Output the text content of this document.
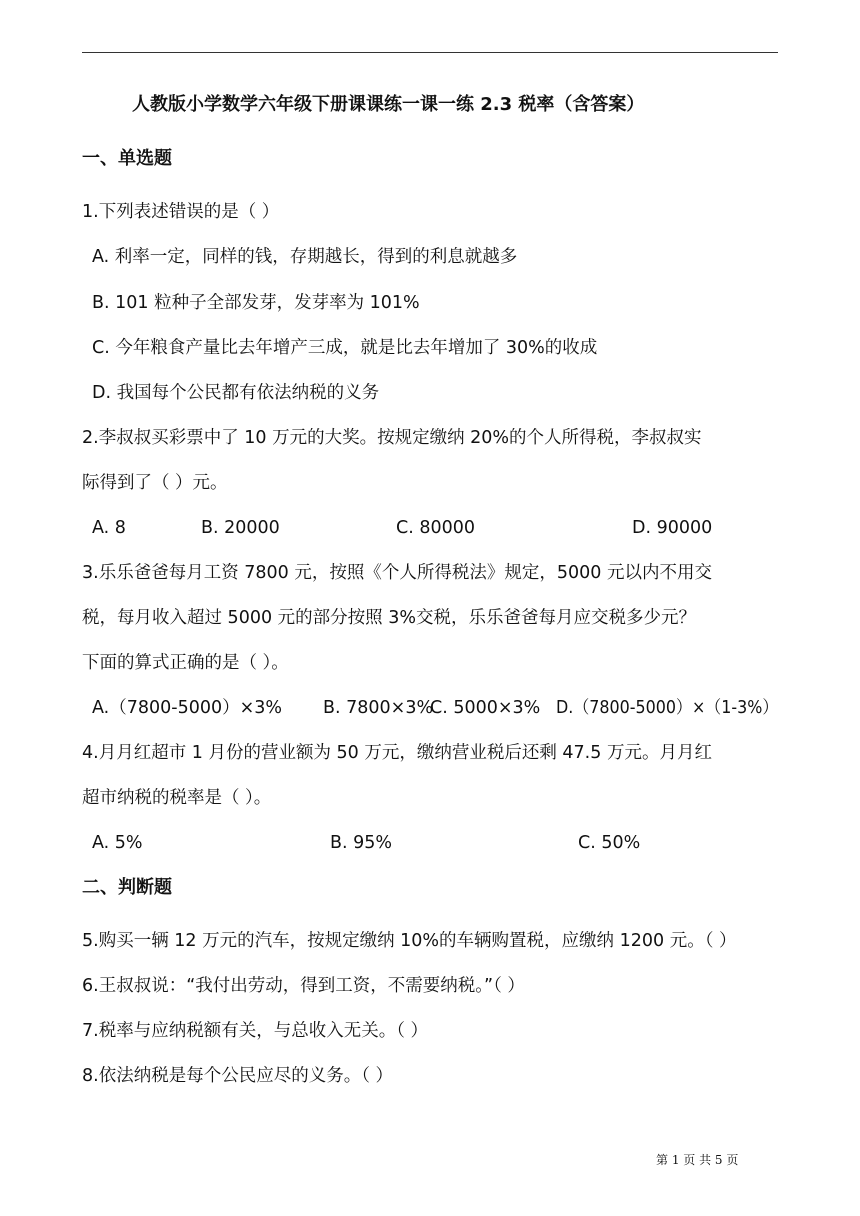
人教版小学数学六年级下册课课练一课一练 2.3 税率（含答案）
一、单选题
1.下列表述错误的是（ ）
A. 利率一定，同样的钱，存期越长，得到的利息就越多
B. 101 粒种子全部发芽，发芽率为 101%
C. 今年粮食产量比去年增产三成，就是比去年增加了 30%的收成
D. 我国每个公民都有依法纳税的义务
2.李叔叔买彩票中了 10 万元的大奖。按规定缴纳 20%的个人所得税，李叔叔实
际得到了（ ）元。
A. 8	B. 20000	C. 80000	D. 90000
3.乐乐爸爸每月工资 7800 元，按照《个人所得税法》规定，5000 元以内不用交
税，每月收入超过 5000 元的部分按照 3%交税，乐乐爸爸每月应交税多少元？
下面的算式正确的是（ ）。
A.（7800-5000）×3% B. 7800×3%
C. 5000×3% D.（7800-5000）×（1-3%）
4.月月红超市 1 月份的营业额为 50 万元，缴纳营业税后还剩 47.5 万元。月月红
超市纳税的税率是（ ）。
A. 5%	B. 95%	C. 50%
二、判断题
5.购买一辆 12 万元的汽车，按规定缴纳 10%的车辆购置税，应缴纳 1200 元。（ ）
6.王叔叔说：“我付出劳动，得到工资，不需要纳税。”（ ）
7.税率与应纳税额有关，与总收入无关。（ ）
8.依法纳税是每个公民应尽的义务。（ ）
第 1 页 共 5 页
